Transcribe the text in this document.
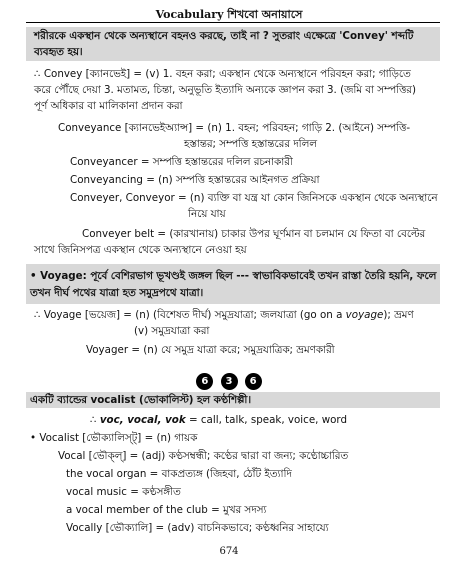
Vocabulary শিখবো অনায়াসে
শরীরকে একস্থান থেকে অন্যস্থানে বহনও করছে, তাই না ? সুতরাং এক্ষেত্রে 'Convey' শব্দটি
ব্যবহৃত হয়।
∴ Convey [ক্যানভেই] = (v) 1. বহন করা; একস্থান থেকে অন্যস্থানে পরিবহন করা; গাড়িতে
করে পৌঁছে দেয়া 3. মতামত, চিন্তা, অনুভূতি ইত্যাদি অন্যকে জ্ঞাপন করা 3. (জমি বা সম্পত্তির)
পূর্ণ অধিকার বা মালিকানা প্রদান করা
Conveyance [ক্যানভেইঅ্যান্স] = (n) 1. বহন; পরিবহন; গাড়ি 2. (আইনে) সম্পত্তি-
হস্তান্তর; সম্পত্তি হস্তান্তরের দলিল
Conveyancer = সম্পত্তি হস্তান্তরের দলিল রচনাকারী
Conveyancing = (n) সম্পত্তি হস্তান্তরের আইনগত প্রক্রিয়া
Conveyer, Conveyor = (n) ব্যক্তি বা যন্ত্র যা কোন জিনিসকে একস্থান থেকে অন্যস্থানে
নিয়ে যায়
Conveyer belt = (কারখানায়) চাকার উপর ঘূর্ণমান বা চলমান যে ফিতা বা বেল্টের
সাথে জিনিসপত্র একস্থান থেকে অন্যস্থানে নেওয়া হয়
• Voyage: পূর্বে বেশিরভাগ ভূখণ্ডই জঙ্গল ছিল --- স্বাভাবিকভাবেই তখন রাস্তা তৈরি হয়নি, ফলে
তখন দীর্ঘ পথের যাত্রা হত সমুদ্রপথে যাত্রা।
∴ Voyage [ভয়েজ] = (n) (বিশেষত দীর্ঘ) সমুদ্রযাত্রা; জলযাত্রা (go on a voyage); ভ্রমণ
(v) সমুদ্রযাত্রা করা
Voyager = (n) যে সমুদ্র যাত্রা করে; সমুদ্রযাত্রিক; ভ্রমণকারী
6 3 6
একটি ব্যান্ডের vocalist (ভোকালিস্ট) হল কণ্ঠশিল্পী।
∴ voc, vocal, vok = call, talk, speak, voice, word
• Vocalist [ভৌক্যালিস্ট্] = (n) গায়ক
Vocal [ভৌক্ল্] = (adj) কণ্ঠসম্বন্ধী; কণ্ঠের দ্বারা বা জন্য; কণ্ঠোচ্চারিত
the vocal organ = বাকপ্রত্যঙ্গ (জিহবা, ঠোঁট ইত্যাদি
vocal music = কণ্ঠসঙ্গীত
a vocal member of the club = মুখর সদস্য
Vocally [ভৌক্যালি] = (adv) বাচনিকভাবে; কণ্ঠধ্বনির সাহায্যে
674
